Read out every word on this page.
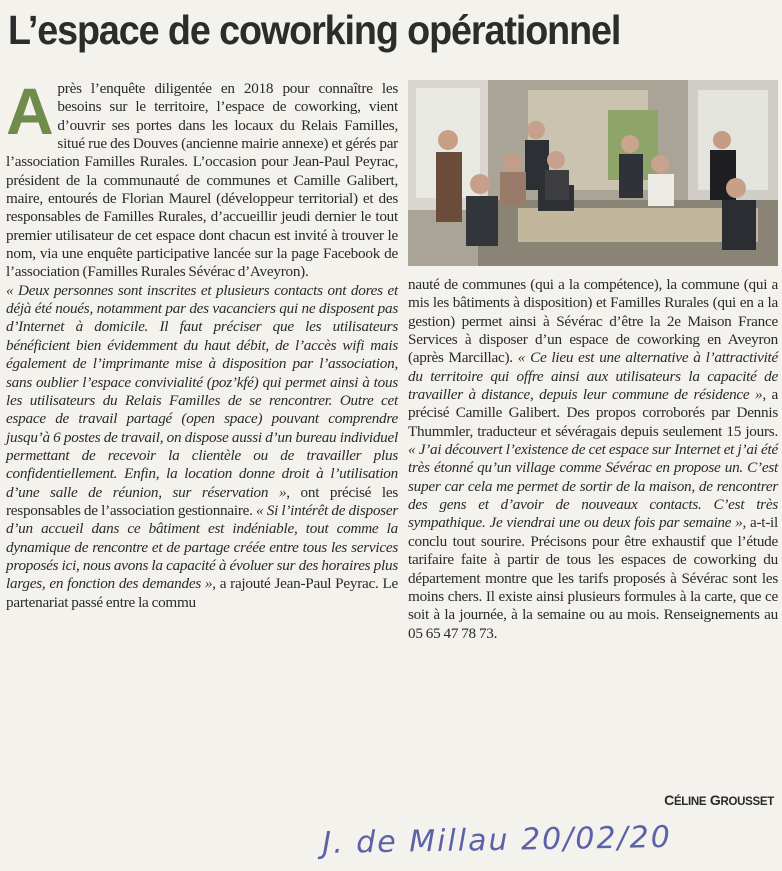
L’espace de coworking opérationnel

Après l’enquête diligentée en 2018 pour connaître les besoins sur le territoire, l’espace de coworking, vient d’ouvrir ses portes dans les locaux du Relais Familles, situé rue des Douves (ancienne mairie annexe) et gérés par l’association Familles Rurales. L’occasion pour Jean-Paul Peyrac, président de la communauté de communes et Camille Galibert, maire, entourés de Florian Maurel (développeur territorial) et des responsables de Familles Rurales, d’accueillir jeudi dernier le tout premier utilisateur de cet espace dont chacun est invité à trouver le nom, via une enquête participative lancée sur la page Facebook de l’association (Familles Rurales Sévérac d’Aveyron).

« Deux personnes sont inscrites et plusieurs contacts ont dores et déjà été noués, notamment par des vacanciers qui ne disposent pas d’Internet à domicile. Il faut préciser que les utilisateurs bénéficient bien évidemment du haut débit, de l’accès wifi mais également de l’imprimante mise à disposition par l’association, sans oublier l’espace convivialité (poz’kfé) qui permet ainsi à tous les utilisateurs du Relais Familles de se rencontrer. Outre cet espace de travail partagé (open space) pouvant comprendre jusqu’à 6 postes de travail, on dispose aussi d’un bureau individuel permettant de recevoir la clientèle ou de travailler plus confidentiellement. Enfin, la location donne droit à l’utilisation d’une salle de réunion, sur réservation », ont précisé les responsables de l’association gestionnaire. « Si l’intérêt de disposer d’un accueil dans ce bâtiment est indéniable, tout comme la dynamique de rencontre et de partage créée entre tous les services proposés ici, nous avons la capacité à évoluer sur des horaires plus larges, en fonction des demandes », a rajouté Jean-Paul Peyrac. Le partenariat passé entre la commu

nauté de communes (qui a la compétence), la commune (qui a mis les bâtiments à disposition) et Familles Rurales (qui en a la gestion) permet ainsi à Sévérac d’être la 2e Maison France Services à disposer d’un espace de coworking en Aveyron (après Marcillac). « Ce lieu est une alternative à l’attractivité du territoire qui offre ainsi aux utilisateurs la capacité de travailler à distance, depuis leur commune de résidence », a précisé Camille Galibert. Des propos corroborés par Dennis Thummler, traducteur et sévéragais depuis seulement 15 jours. « J’ai découvert l’existence de cet espace sur Internet et j’ai été très étonné qu’un village comme Sévérac en propose un. C’est super car cela me permet de sortir de la maison, de rencontrer des gens et d’avoir de nouveaux contacts. C’est très sympathique. Je viendrai une ou deux fois par semaine », a-t-il conclu tout sourire. Précisons pour être exhaustif que l’étude tarifaire faite à partir de tous les espaces de coworking du département montre que les tarifs proposés à Sévérac sont les moins chers. Il existe ainsi plusieurs formules à la carte, que ce soit à la journée, à la semaine ou au mois. Renseignements au 05 65 47 78 73.

CÉLINE GROUSSET
J. de Millau 20/02/20
